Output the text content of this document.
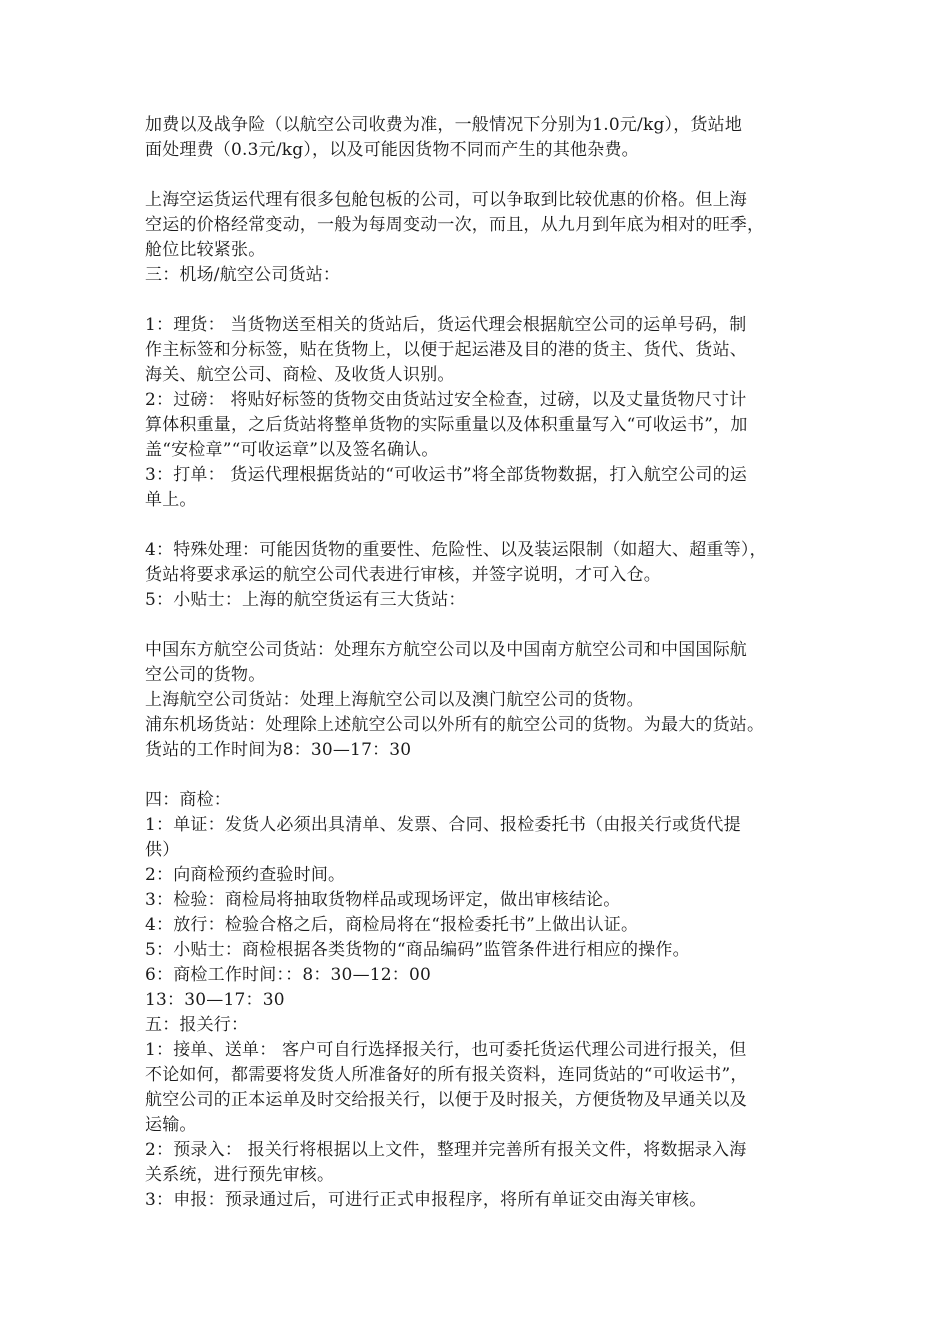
加费以及战争险（以航空公司收费为准，一般情况下分别为1.0元/kg），货站地
面处理费（0.3元/kg），以及可能因货物不同而产生的其他杂费。
上海空运货运代理有很多包舱包板的公司，可以争取到比较优惠的价格。但上海
空运的价格经常变动，一般为每周变动一次，而且，从九月到年底为相对的旺季，
舱位比较紧张。
三：机场/航空公司货站：
1：理货： 当货物送至相关的货站后，货运代理会根据航空公司的运单号码，制
作主标签和分标签，贴在货物上，以便于起运港及目的港的货主、货代、货站、
海关、航空公司、商检、及收货人识别。
2：过磅： 将贴好标签的货物交由货站过安全检查，过磅，以及丈量货物尺寸计
算体积重量，之后货站将整单货物的实际重量以及体积重量写入“可收运书”，加
盖“安检章”“可收运章”以及签名确认。
3：打单： 货运代理根据货站的“可收运书”将全部货物数据，打入航空公司的运
单上。
4：特殊处理：可能因货物的重要性、危险性、以及装运限制（如超大、超重等），
货站将要求承运的航空公司代表进行审核，并签字说明，才可入仓。
5：小贴士：上海的航空货运有三大货站：
中国东方航空公司货站：处理东方航空公司以及中国南方航空公司和中国国际航
空公司的货物。
上海航空公司货站：处理上海航空公司以及澳门航空公司的货物。
浦东机场货站：处理除上述航空公司以外所有的航空公司的货物。为最大的货站。
货站的工作时间为8：30—17：30
四：商检：
1：单证：发货人必须出具清单、发票、合同、报检委托书（由报关行或货代提
供）
2：向商检预约查验时间。
3：检验：商检局将抽取货物样品或现场评定，做出审核结论。
4：放行：检验合格之后，商检局将在“报检委托书”上做出认证。
5：小贴士：商检根据各类货物的“商品编码”监管条件进行相应的操作。
6：商检工作时间：：8：30—12：00
13：30—17：30
五：报关行：
1：接单、送单： 客户可自行选择报关行，也可委托货运代理公司进行报关，但
不论如何，都需要将发货人所准备好的所有报关资料，连同货站的“可收运书”，
航空公司的正本运单及时交给报关行，以便于及时报关，方便货物及早通关以及
运输。
2：预录入： 报关行将根据以上文件，整理并完善所有报关文件，将数据录入海
关系统，进行预先审核。
3：申报：预录通过后，可进行正式申报程序，将所有单证交由海关审核。
